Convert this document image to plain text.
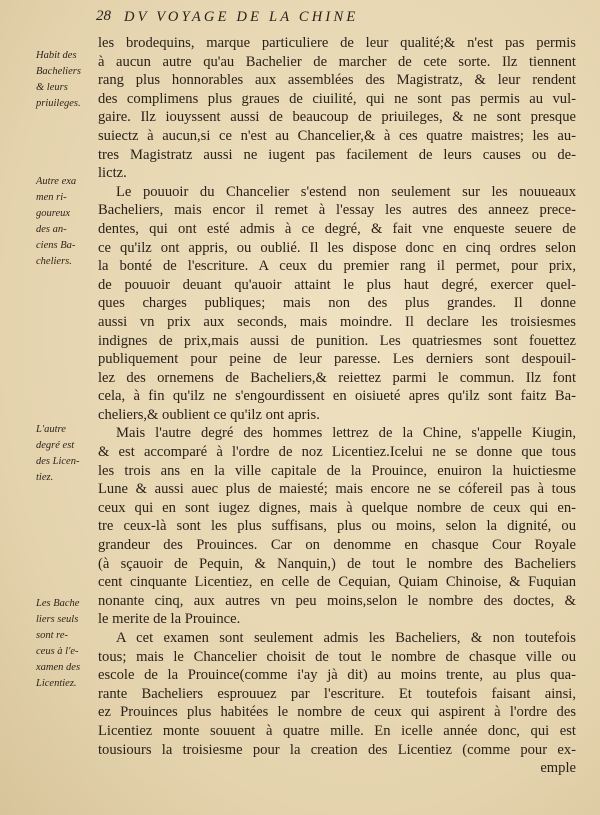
28 DV VOYAGE DE LA CHINE
Habit des
Bacheliers
& leurs
priuileges.
Autre exa
men ri-
goureux
des an-
ciens Ba-
cheliers.
L'autre
degré est
des Licen-
tiez.
Les Bache
liers seuls
sont re-
ceus à l'e-
xamen des
Licentiez.
les brodequins, marque particuliere de leur qualité;& n'est pas permis
à aucun autre qu'au Bachelier de marcher de cete sorte. Ilz tiennent
rang plus honnorables aux assemblées des Magistratz, & leur rendent
des complimens plus graues de ciuilité, qui ne sont pas permis au vul-
gaire. Ilz iouyssent aussi de beaucoup de priuileges, & ne sont presque
suiectz à aucun,si ce n'est au Chancelier,& à ces quatre maistres; les au-
tres Magistratz aussi ne iugent pas facilement de leurs causes ou de-
lictz.
Le pouuoir du Chancelier s'estend non seulement sur les nouueaux
Bacheliers, mais encor il remet à l'essay les autres des anneez prece-
dentes, qui ont esté admis à ce degré, & fait vne enqueste seuere de
ce qu'ilz ont appris, ou oublié. Il les dispose donc en cinq ordres selon
la bonté de l'escriture. A ceux du premier rang il permet, pour prix,
de pouuoir deuant qu'auoir attaint le plus haut degré, exercer quel-
ques charges publiques; mais non des plus grandes. Il donne
aussi vn prix aux seconds, mais moindre. Il declare les troisiesmes
indignes de prix,mais aussi de punition. Les quatriesmes sont fouettez
publiquement pour peine de leur paresse. Les derniers sont despouil-
lez des ornemens de Bacheliers,& reiettez parmi le commun. Ilz font
cela, à fin qu'ilz ne s'engourdissent en oisiueté apres qu'ilz sont faitz Ba-
cheliers,& oublient ce qu'ilz ont apris.
Mais l'autre degré des hommes lettrez de la Chine, s'appelle Kiugin,
& est accomparé à l'ordre de noz Licentiez.Icelui ne se donne que tous
les trois ans en la ville capitale de la Prouince, enuiron la huictiesme
Lune & aussi auec plus de maiesté; mais encore ne se cófereil pas à tous
ceux qui en sont iugez dignes, mais à quelque nombre de ceux qui en-
tre ceux-là sont les plus suffisans, plus ou moins, selon la dignité, ou
grandeur des Prouinces. Car on denomme en chasque Cour Royale
(à sçauoir de Pequin, & Nanquin,) de tout le nombre des Bacheliers
cent cinquante Licentiez, en celle de Cequian, Quiam Chinoise, & Fuquian
nonante cinq, aux autres vn peu moins,selon le nombre des doctes, &
le merite de la Prouince.
A cet examen sont seulement admis les Bacheliers, & non toutefois
tous; mais le Chancelier choisit de tout le nombre de chasque ville ou
escole de la Prouince(comme i'ay jà dit) au moins trente, au plus qua-
rante Bacheliers esprouuez par l'escriture. Et toutefois faisant ainsi,
ez Prouinces plus habitées le nombre de ceux qui aspirent à l'ordre des
Licentiez monte souuent à quatre mille. En icelle année donc, qui est
tousiours la troisiesme pour la creation des Licentiez (comme pour ex-
emple
